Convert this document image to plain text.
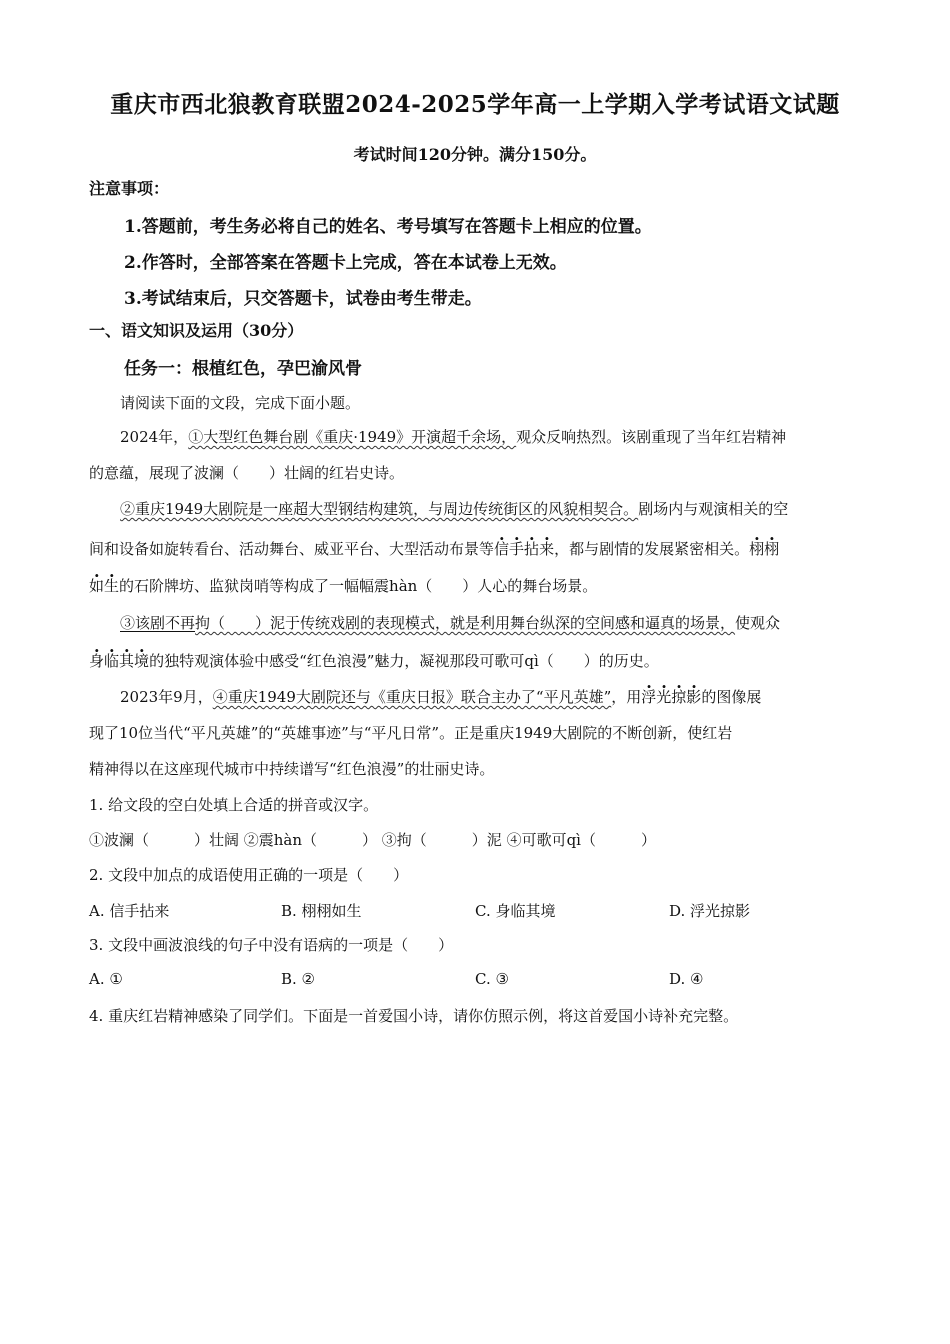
重庆市西北狼教育联盟2024-2025学年高一上学期入学考试语文试题
考试时间120分钟。满分150分。
注意事项：
1.答题前，考生务必将自己的姓名、考号填写在答题卡上相应的位置。
2.作答时，全部答案在答题卡上完成，答在本试卷上无效。
3.考试结束后，只交答题卡，试卷由考生带走。
一、语文知识及运用（30分）
任务一：根植红色，孕巴渝风骨
请阅读下面的文段，完成下面小题。
2024年，①大型红色舞台剧《重庆·1949》开演超千余场，观众反响热烈。该剧重现了当年红岩精神
的意蕴，展现了波澜（　　）壮阔的红岩史诗。
②重庆1949大剧院是一座超大型钢结构建筑，与周边传统街区的风貌相契合。剧场内与观演相关的空
间和设备如旋转看台、活动舞台、威亚平台、大型活动布景等信手拈来，都与剧情的发展紧密相关。栩栩
如生的石阶牌坊、监狱岗哨等构成了一幅幅震hàn（　　）人心的舞台场景。
③该剧不再拘（　　）泥于传统戏剧的表现模式，就是利用舞台纵深的空间感和逼真的场景，使观众
身临其境的独特观演体验中感受“红色浪漫”魅力，凝视那段可歌可qì（　　）的历史。
2023年9月，④重庆1949大剧院还与《重庆日报》联合主办了“平凡英雄”，用浮光掠影的图像展
现了10位当代“平凡英雄”的“英雄事迹”与“平凡日常”。正是重庆1949大剧院的不断创新，使红岩
精神得以在这座现代城市中持续谱写“红色浪漫”的壮丽史诗。
1. 给文段的空白处填上合适的拼音或汉字。
①波澜（　　　）壮阔 ②震hàn（　　　） ③拘（　　　）泥 ④可歌可qì（　　　）
2. 文段中加点的成语使用正确的一项是（　　）
A. 信手拈来	B. 栩栩如生	C. 身临其境	D. 浮光掠影
3. 文段中画波浪线的句子中没有语病的一项是（　　）
A. ①	B. ②	C. ③	D. ④
4. 重庆红岩精神感染了同学们。下面是一首爱国小诗，请你仿照示例，将这首爱国小诗补充完整。
